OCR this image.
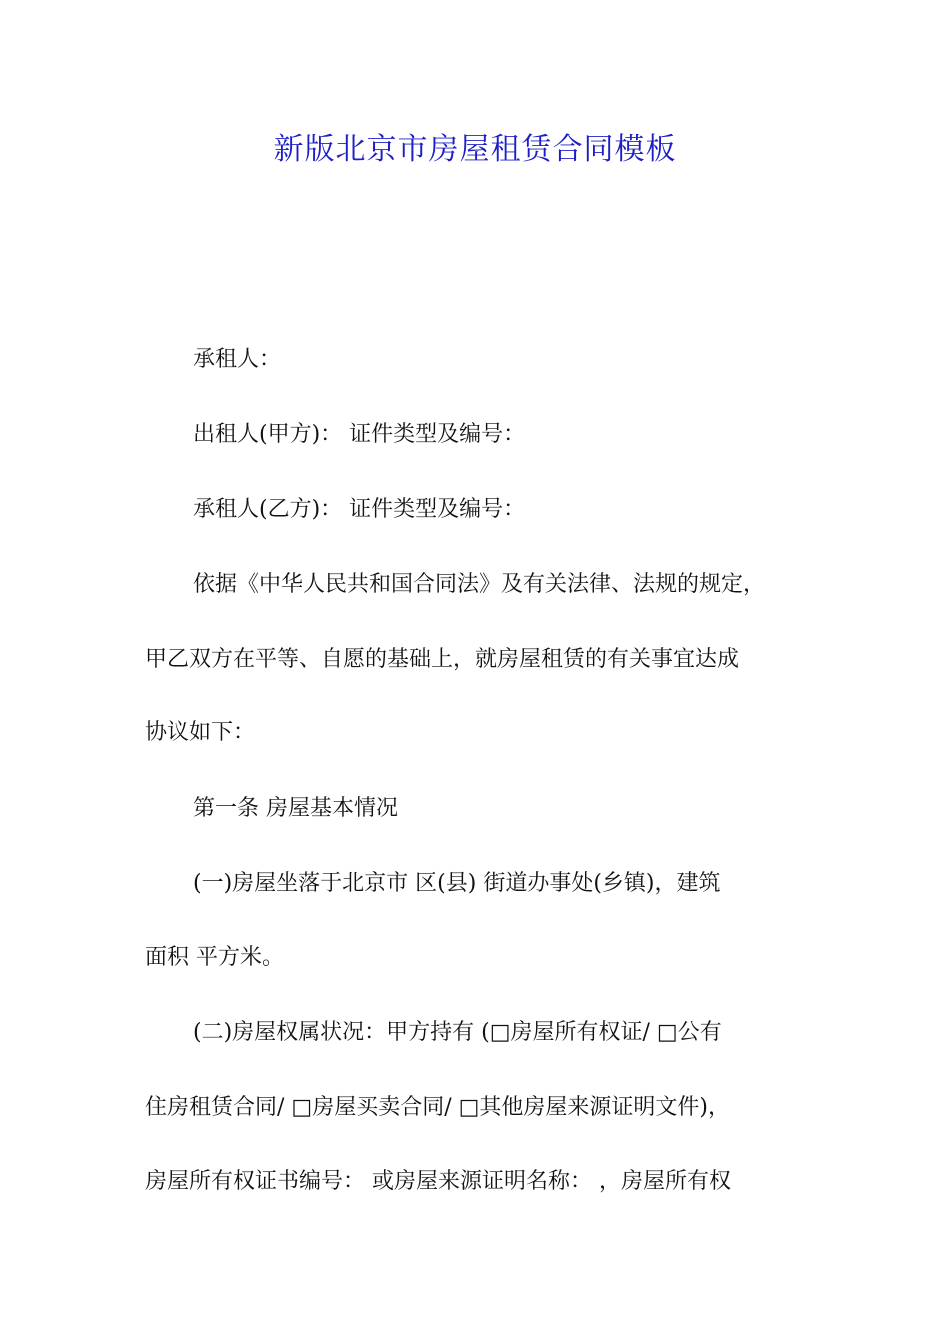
新版北京市房屋租赁合同模板
承租人：
出租人(甲方)： 证件类型及编号：
承租人(乙方)： 证件类型及编号：
依据《中华人民共和国合同法》及有关法律、法规的规定，
甲乙双方在平等、自愿的基础上，就房屋租赁的有关事宜达成
协议如下：
第一条 房屋基本情况
(一)房屋坐落于北京市 区(县) 街道办事处(乡镇)，建筑
面积 平方米。
(二)房屋权属状况：甲方持有 (□房屋所有权证/ □公有
住房租赁合同/ □房屋买卖合同/ □其他房屋来源证明文件)，
房屋所有权证书编号： 或房屋来源证明名称： ，房屋所有权
